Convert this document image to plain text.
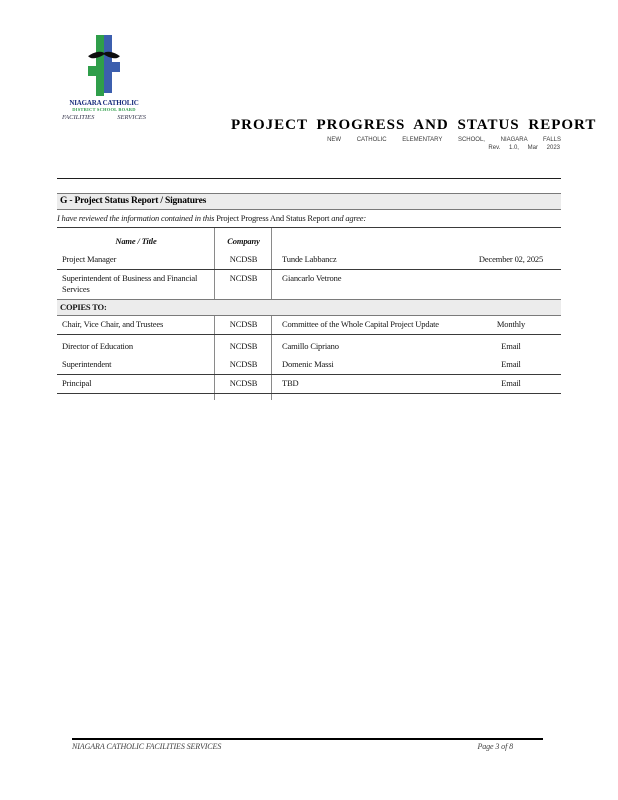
NIAGARA CATHOLIC
DISTRICT SCHOOL BOARD
FACILITIES	SERVICES	PROJECT PROGRESS AND STATUS REPORT
NEW CATHOLIC ELEMENTARY SCHOOL, NIAGARA FALLS
Rev. 1.0, Mar 2023
G - Project Status Report / Signatures

I have reviewed the information contained in this Project Progress And Status Report and agree:

Name / Title	Company
Project Manager	NCDSB	Tunde Labbancz	December 02, 2025
Superintendent of Business and Financial Services
NCDSB	Giancarlo Vetrone
COPIES TO:
Chair, Vice Chair, and Trustees	NCDSB	Committee of the Whole Capital Project Update	Monthly
Director of Education	NCDSB	Camillo Cipriano	Email
Superintendent	NCDSB	Domenic Massi	Email
Principal	NCDSB	TBD	Email
NIAGARA CATHOLIC FACILITIES SERVICES	Page 3 of 8
